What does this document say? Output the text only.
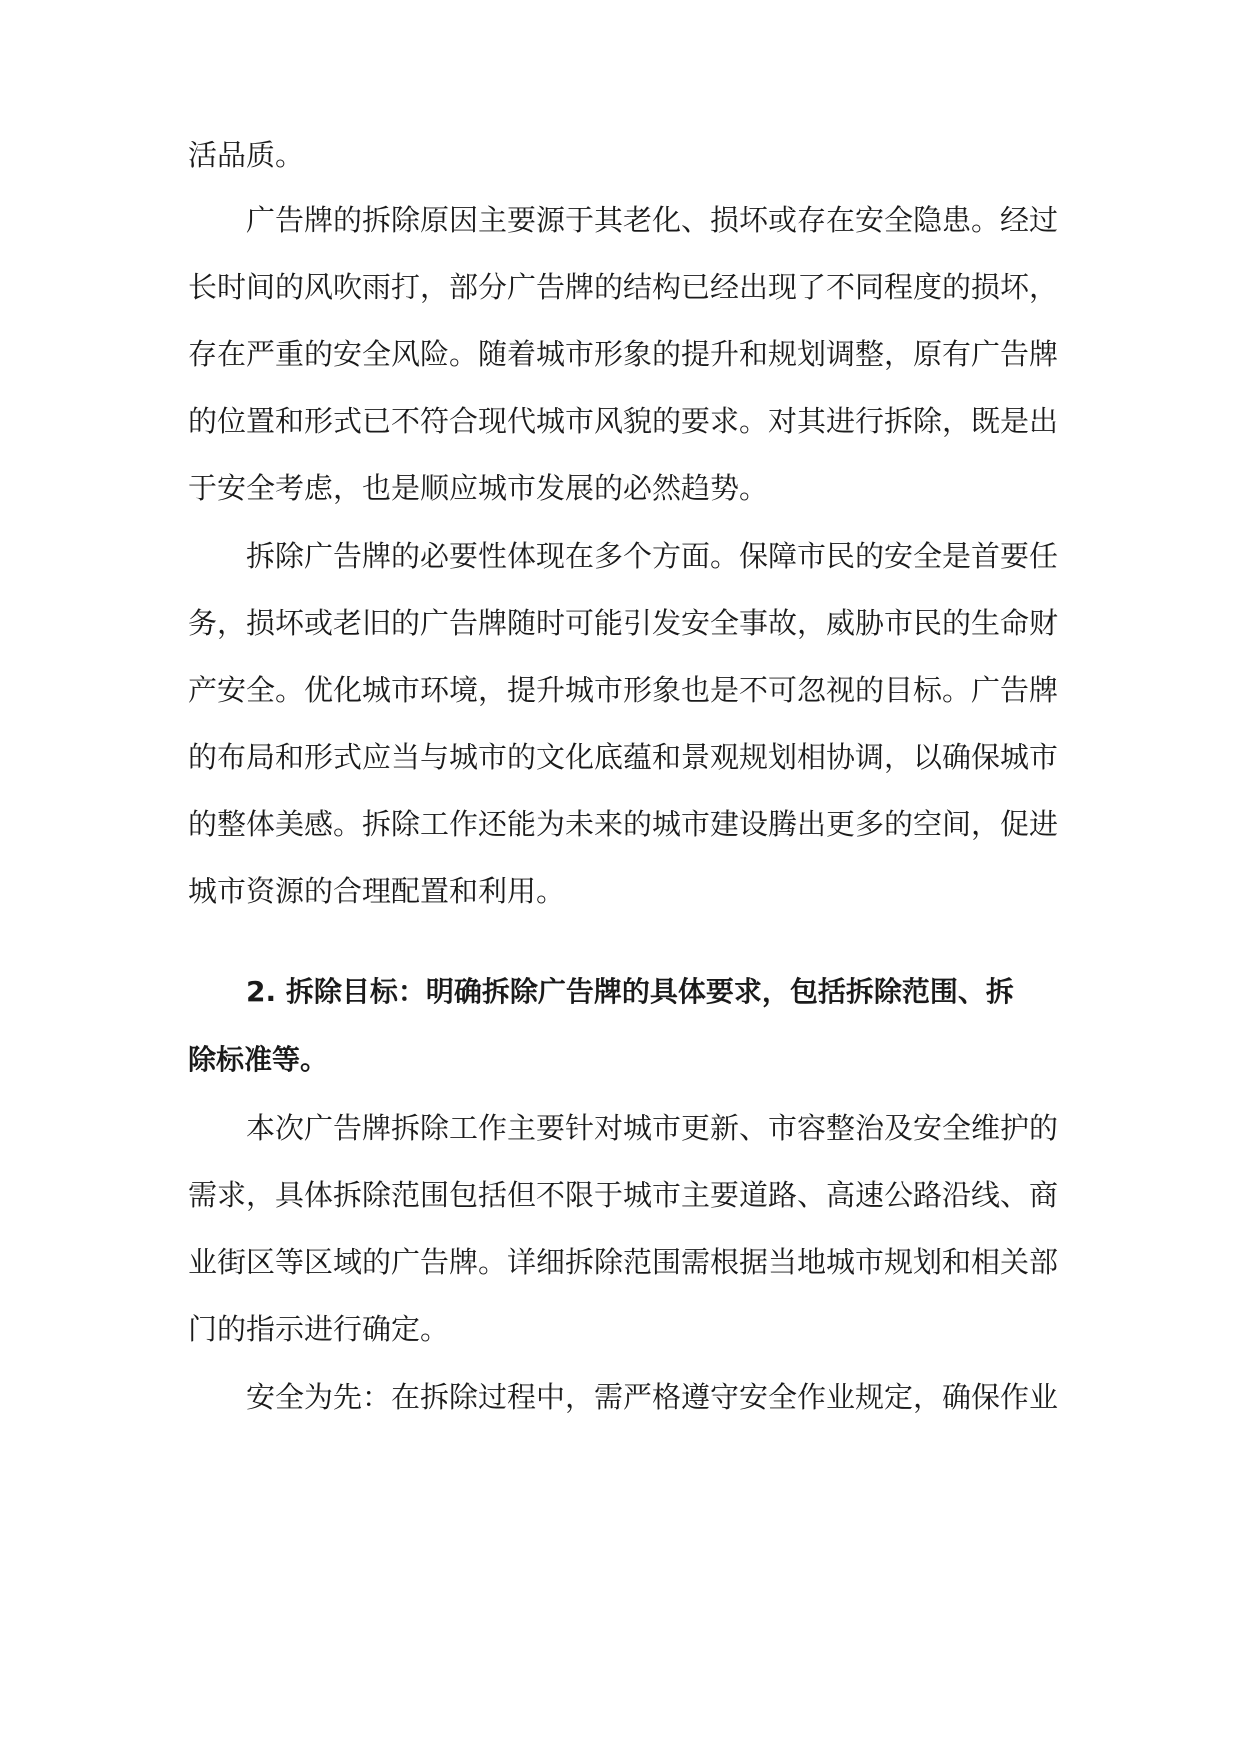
活品质。

广告牌的拆除原因主要源于其老化、损坏或存在安全隐患。经过

长时间的风吹雨打，部分广告牌的结构已经出现了不同程度的损坏，

存在严重的安全风险。随着城市形象的提升和规划调整，原有广告牌

的位置和形式已不符合现代城市风貌的要求。对其进行拆除，既是出

于安全考虑，也是顺应城市发展的必然趋势。

拆除广告牌的必要性体现在多个方面。保障市民的安全是首要任

务，损坏或老旧的广告牌随时可能引发安全事故，威胁市民的生命财

产安全。优化城市环境，提升城市形象也是不可忽视的目标。广告牌

的布局和形式应当与城市的文化底蕴和景观规划相协调，以确保城市

的整体美感。拆除工作还能为未来的城市建设腾出更多的空间，促进

城市资源的合理配置和利用。

2. 拆除目标：明确拆除广告牌的具体要求，包括拆除范围、拆

除标准等。

本次广告牌拆除工作主要针对城市更新、市容整治及安全维护的

需求，具体拆除范围包括但不限于城市主要道路、高速公路沿线、商

业街区等区域的广告牌。详细拆除范围需根据当地城市规划和相关部

门的指示进行确定。

安全为先：在拆除过程中，需严格遵守安全作业规定，确保作业
